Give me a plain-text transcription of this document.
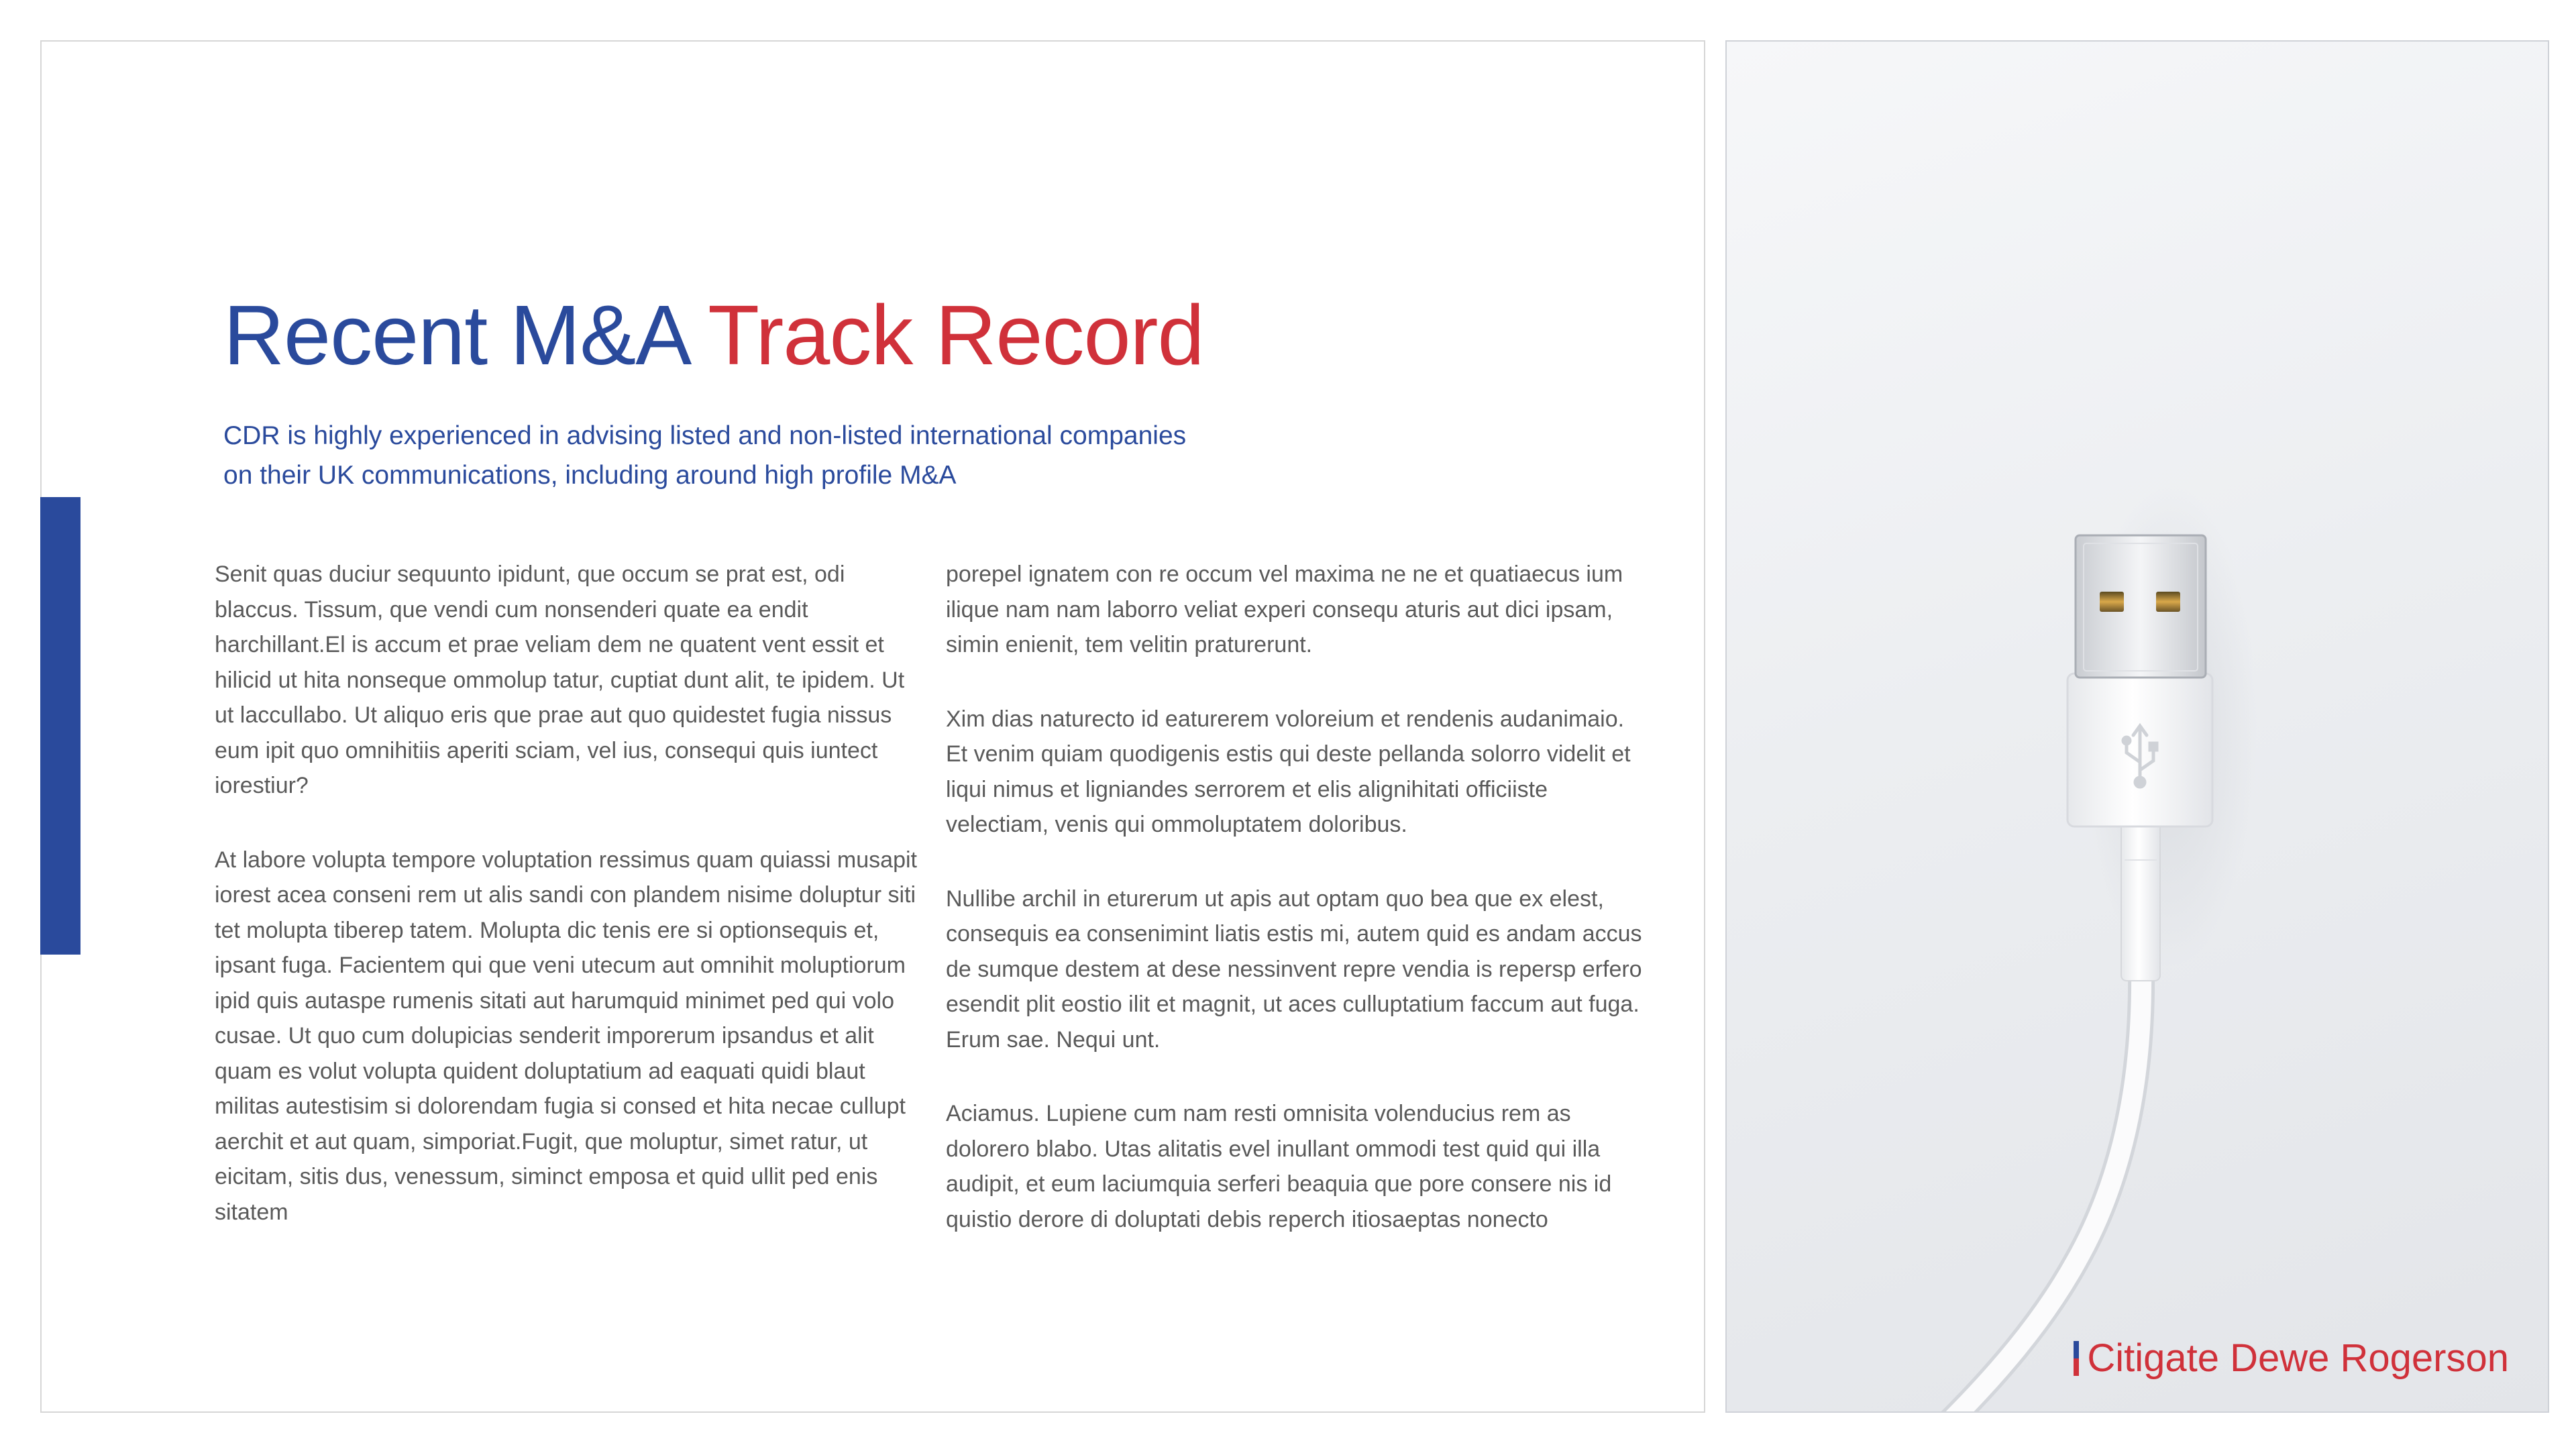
Recent M&A Track Record

CDR is highly experienced in advising listed and non-listed international companies on their UK communications, including around high profile M&A

Senit quas duciur sequunto ipidunt, que occum se prat est, odi blaccus. Tissum, que vendi cum nonsenderi quate ea endit harchillant.El is accum et prae veliam dem ne quatent vent essit et hilicid ut hita nonseque ommolup tatur, cuptiat dunt alit, te ipidem. Ut ut laccullabo. Ut aliquo eris que prae aut quo quidestet fugia nissus eum ipit quo omnihitiis aperiti sciam, vel ius, consequi quis iuntect iorestiur?

At labore volupta tempore voluptation ressimus quam quiassi musapit iorest acea conseni rem ut alis sandi con plandem nisime doluptur siti tet molupta tiberep tatem. Molupta dic tenis ere si optionsequis et, ipsant fuga. Facientem qui que veni utecum aut omnihit moluptiorum ipid quis autaspe rumenis sitati aut harumquid minimet ped qui volo cusae. Ut quo cum dolupicias senderit imporerum ipsandus et alit quam es volut volupta quident doluptatium ad eaquati quidi blaut militas autestisim si dolorendam fugia si consed et hita necae cullupt aerchit et aut quam, simporiat.Fugit, que moluptur, simet ratur, ut eicitam, sitis dus, venessum, siminct emposa et quid ullit ped enis sitatem

porepel ignatem con re occum vel maxima ne ne et quatiaecus ium ilique nam nam laborro veliat experi consequ aturis aut dici ipsam, simin enienit, tem velitin praturerunt.

Xim dias naturecto id eaturerem voloreium et rendenis audanimaio. Et venim quiam quodigenis estis qui deste pellanda solorro videlit et liqui nimus et ligniandes serrorem et elis alignihitati officiiste velectiam, venis qui ommoluptatem doloribus.

Nullibe archil in eturerum ut apis aut optam quo bea que ex elest, consequis ea consenimint liatis estis mi, autem quid es andam accus de sumque destem at dese nessinvent repre vendia is repersp erfero esendit plit eostio ilit et magnit, ut aces culluptatium faccum aut fuga. Erum sae. Nequi unt.

Aciamus. Lupiene cum nam resti omnisita volenducius rem as dolorero blabo. Utas alitatis evel inullant ommodi test quid qui illa audipit, et eum laciumquia serferi beaquia que pore consere nis id quistio derore di doluptati debis reperch itiosaeptas nonecto

Citigate Dewe Rogerson
